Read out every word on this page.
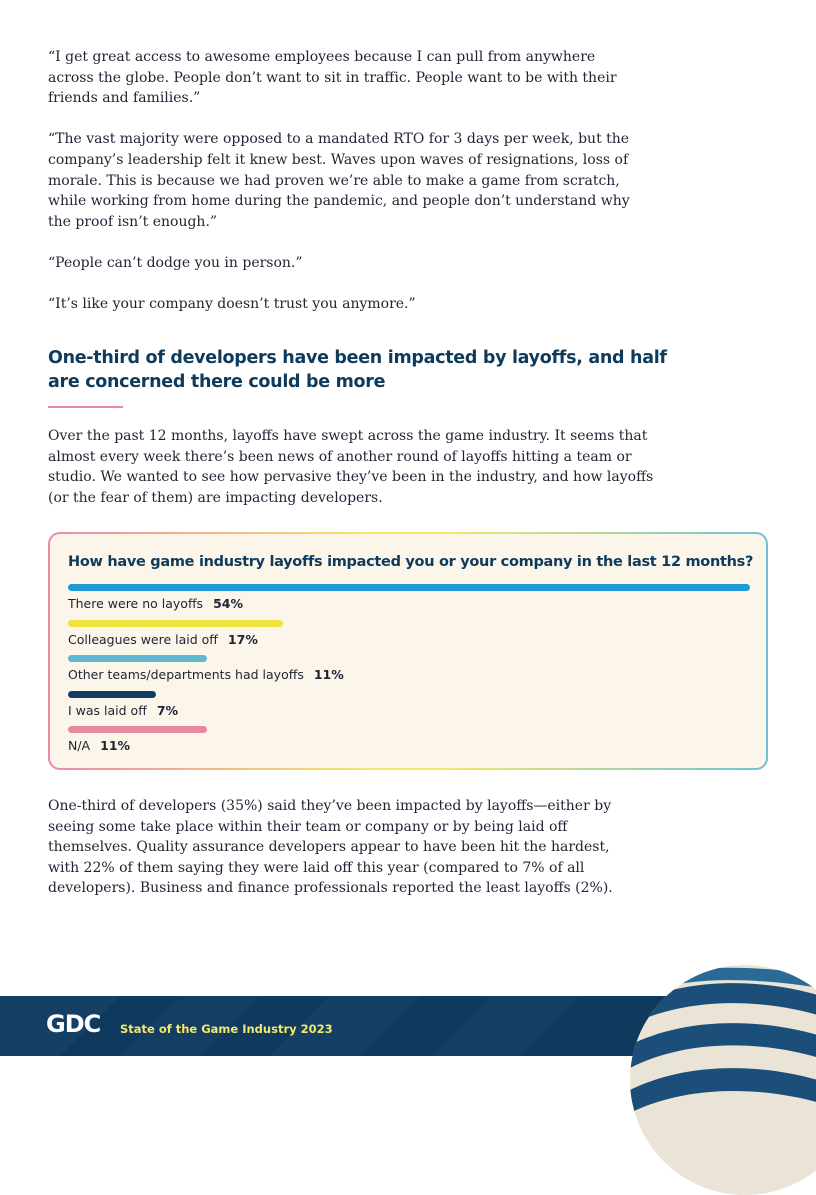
“I get great access to awesome employees because I can pull from anywhere across the globe. People don’t want to sit in traffic. People want to be with their friends and families.”

“The vast majority were opposed to a mandated RTO for 3 days per week, but the company’s leadership felt it knew best. Waves upon waves of resignations, loss of morale. This is because we had proven we’re able to make a game from scratch, while working from home during the pandemic, and people don’t understand why the proof isn’t enough.”

“People can’t dodge you in person.”

“It’s like your company doesn’t trust you anymore.”

One-third of developers have been impacted by layoffs, and half are concerned there could be more
Over the past 12 months, layoffs have swept across the game industry. It seems that almost every week there’s been news of another round of layoffs hitting a team or studio. We wanted to see how pervasive they’ve been in the industry, and how layoffs (or the fear of them) are impacting developers.
How have game industry layoffs impacted you or your company in the last 12 months?
There were no layoffs 54%
Colleagues were laid off 17%
Other teams/departments had layoffs 11%
I was laid off 7%
N/A 11%
One-third of developers (35%) said they’ve been impacted by layoffs—either by seeing some take place within their team or company or by being laid off themselves. Quality assurance developers appear to have been hit the hardest, with 22% of them saying they were laid off this year (compared to 7% of all developers). Business and finance professionals reported the least layoffs (2%).
GDC State of the Game Industry 2023
